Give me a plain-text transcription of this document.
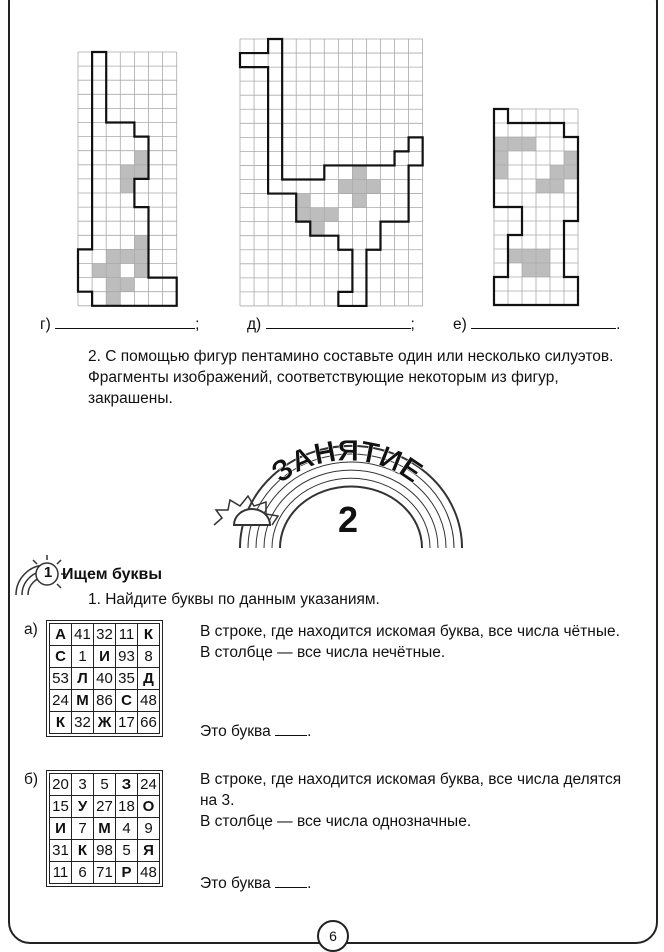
г)	;	д)	; е)	.
2. С помощью фигур пентамино составьте один или несколько силуэтов. Фрагменты изображений, соответствующие некоторым из фигур, закрашены.
ЗАНЯТИЕ
2
1 Ищем буквы
1. Найдите буквы по данным указаниям.
а) А	41	32	11	К
С	1	И	93	8
53	Л	40	35	Д
24	М	86	С	48
К	32	Ж	17	66
В строке, где находится искомая буква, все числа чётные.
В столбце — все числа нечётные.
Это буква .
б) 20	3	5	З	24
15	У	27	18	О
И	7	М	4	9
31	К	98	5	Я
11	6	71	Р	48
В строке, где находится искомая буква, все числа делятся на 3.
В столбце — все числа однозначные.
Это буква .
6
